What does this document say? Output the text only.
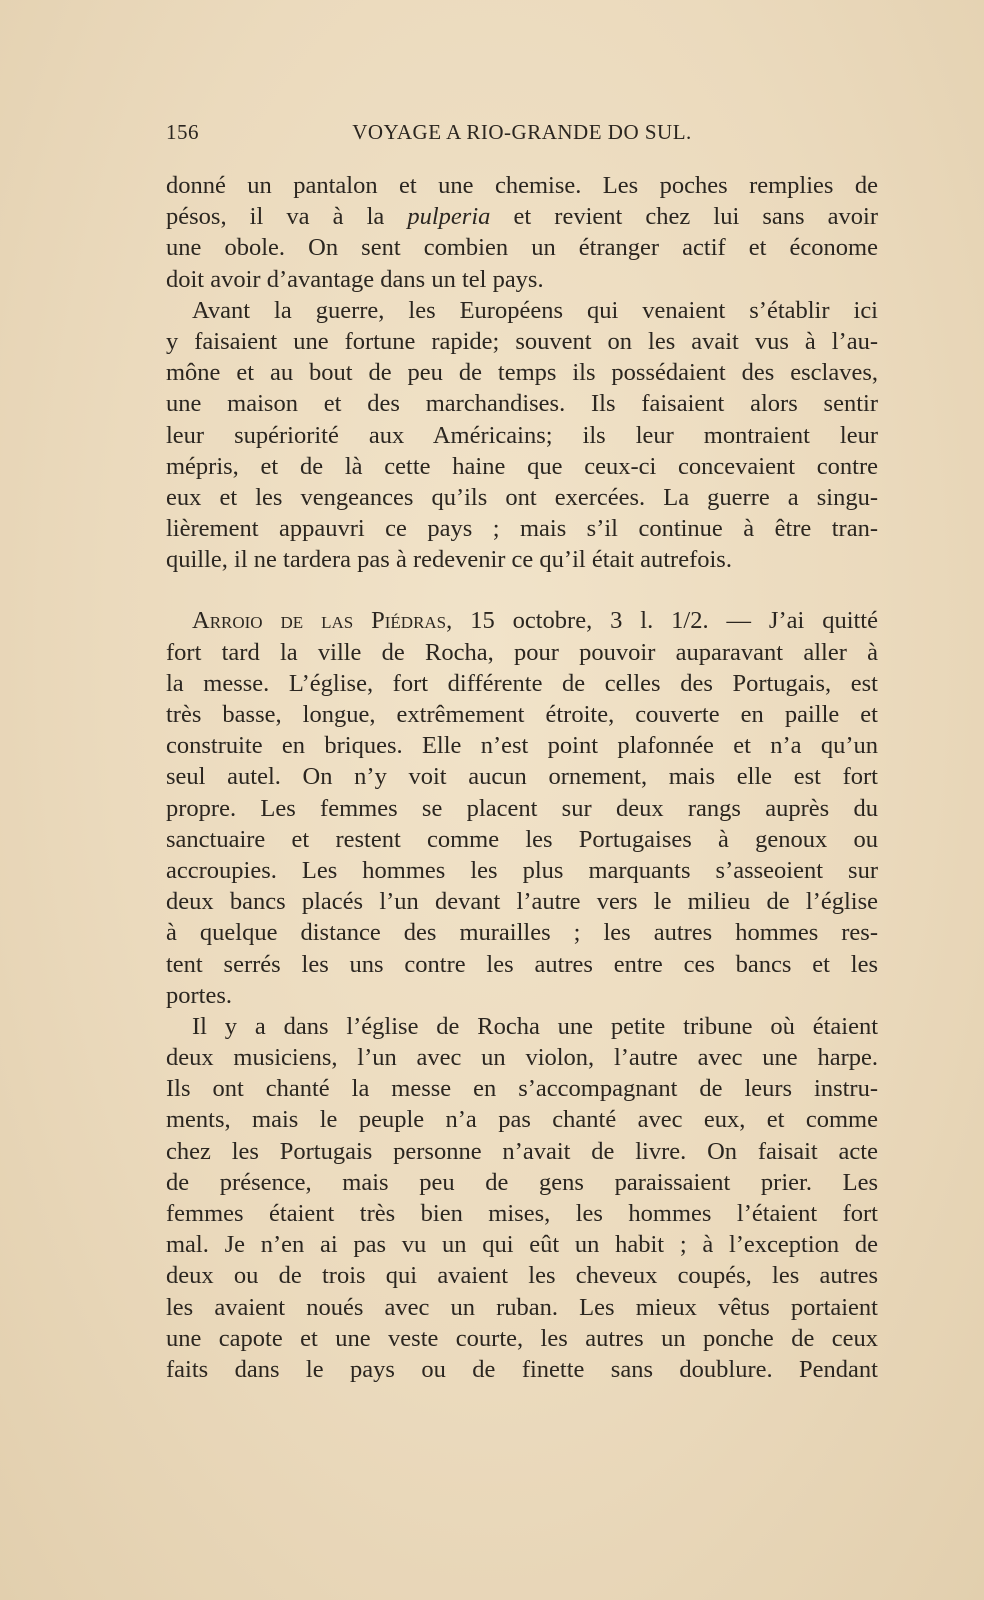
156	VOYAGE A RIO-GRANDE DO SUL.
donné un pantalon et une chemise. Les poches remplies de
pésos, il va à la pulperia et revient chez lui sans avoir
une obole. On sent combien un étranger actif et économe
doit avoir d’avantage dans un tel pays.
Avant la guerre, les Européens qui venaient s’établir ici
y faisaient une fortune rapide; souvent on les avait vus à l’au-
mône et au bout de peu de temps ils possédaient des esclaves,
une maison et des marchandises. Ils faisaient alors sentir
leur supériorité aux Américains; ils leur montraient leur
mépris, et de là cette haine que ceux-ci concevaient contre
eux et les vengeances qu’ils ont exercées. La guerre a singu-
lièrement appauvri ce pays ; mais s’il continue à être tran-
quille, il ne tardera pas à redevenir ce qu’il était autrefois.
Arroio de las Piédras, 15 octobre, 3 l. 1/2. — J’ai quitté
fort tard la ville de Rocha, pour pouvoir auparavant aller à
la messe. L’église, fort différente de celles des Portugais, est
très basse, longue, extrêmement étroite, couverte en paille et
construite en briques. Elle n’est point plafonnée et n’a qu’un
seul autel. On n’y voit aucun ornement, mais elle est fort
propre. Les femmes se placent sur deux rangs auprès du
sanctuaire et restent comme les Portugaises à genoux ou
accroupies. Les hommes les plus marquants s’asseoient sur
deux bancs placés l’un devant l’autre vers le milieu de l’église
à quelque distance des murailles ; les autres hommes res-
tent serrés les uns contre les autres entre ces bancs et les
portes.
Il y a dans l’église de Rocha une petite tribune où étaient
deux musiciens, l’un avec un violon, l’autre avec une harpe.
Ils ont chanté la messe en s’accompagnant de leurs instru-
ments, mais le peuple n’a pas chanté avec eux, et comme
chez les Portugais personne n’avait de livre. On faisait acte
de présence, mais peu de gens paraissaient prier. Les
femmes étaient très bien mises, les hommes l’étaient fort
mal. Je n’en ai pas vu un qui eût un habit ; à l’exception de
deux ou de trois qui avaient les cheveux coupés, les autres
les avaient noués avec un ruban. Les mieux vêtus portaient
une capote et une veste courte, les autres un ponche de ceux
faits dans le pays ou de finette sans doublure. Pendant
